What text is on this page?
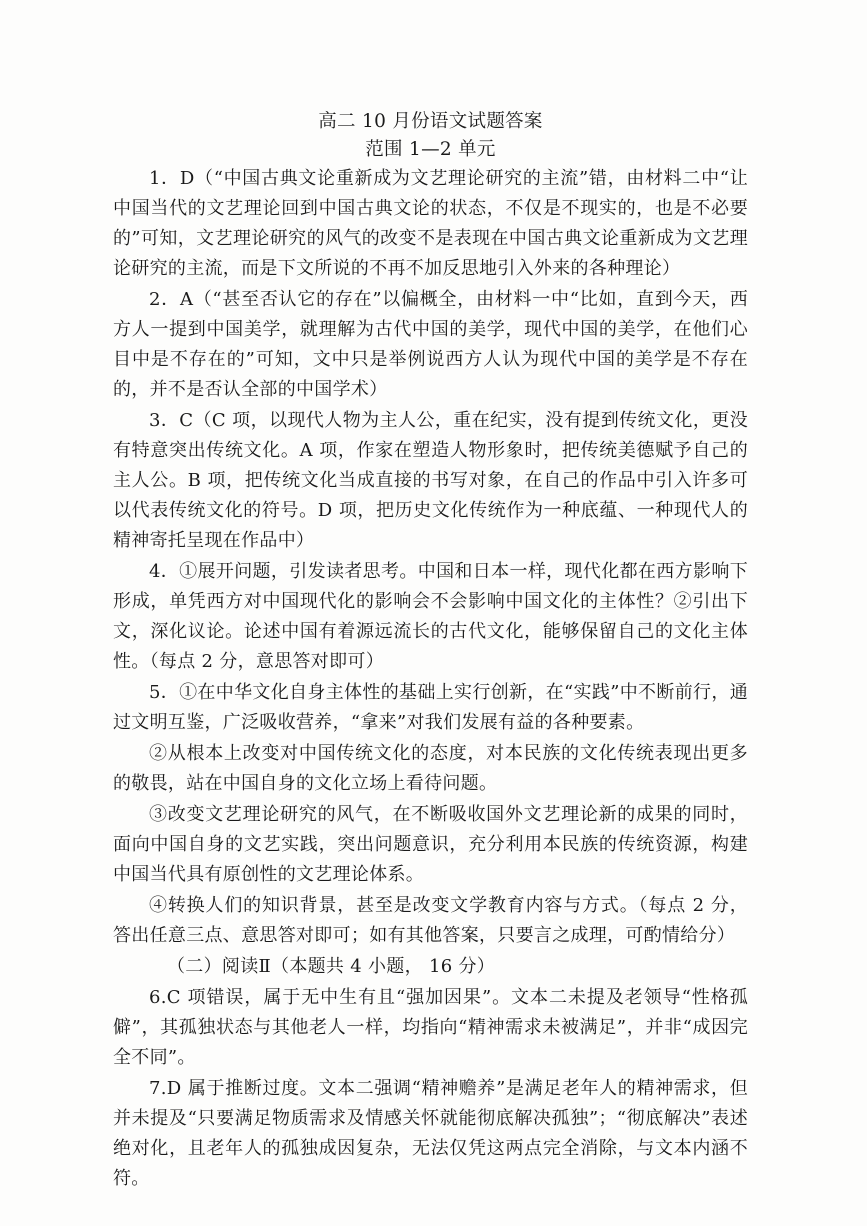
高二 10 月份语文试题答案

范围 1—2 单元

1．D（“中国古典文论重新成为文艺理论研究的主流”错，由材料二中“让中国当代的文艺理论回到中国古典文论的状态，不仅是不现实的，也是不必要的”可知，文艺理论研究的风气的改变不是表现在中国古典文论重新成为文艺理论研究的主流，而是下文所说的不再不加反思地引入外来的各种理论）

2．A（“甚至否认它的存在”以偏概全，由材料一中“比如，直到今天，西方人一提到中国美学，就理解为古代中国的美学，现代中国的美学，在他们心目中是不存在的”可知，文中只是举例说西方人认为现代中国的美学是不存在的，并不是否认全部的中国学术）

3．C（C 项，以现代人物为主人公，重在纪实，没有提到传统文化，更没有特意突出传统文化。A 项，作家在塑造人物形象时，把传统美德赋予自己的主人公。B 项，把传统文化当成直接的书写对象，在自己的作品中引入许多可以代表传统文化的符号。D 项，把历史文化传统作为一种底蕴、一种现代人的精神寄托呈现在作品中）

4．①展开问题，引发读者思考。中国和日本一样，现代化都在西方影响下形成，单凭西方对中国现代化的影响会不会影响中国文化的主体性？②引出下文，深化议论。论述中国有着源远流长的古代文化，能够保留自己的文化主体性。（每点 2 分，意思答对即可）

5．①在中华文化自身主体性的基础上实行创新，在“实践”中不断前行，通过文明互鉴，广泛吸收营养，“拿来”对我们发展有益的各种要素。

②从根本上改变对中国传统文化的态度，对本民族的文化传统表现出更多的敬畏，站在中国自身的文化立场上看待问题。

③改变文艺理论研究的风气，在不断吸收国外文艺理论新的成果的同时，面向中国自身的文艺实践，突出问题意识，充分利用本民族的传统资源，构建中国当代具有原创性的文艺理论体系。

④转换人们的知识背景，甚至是改变文学教育内容与方式。（每点 2 分，答出任意三点、意思答对即可；如有其他答案，只要言之成理，可酌情给分）

（二）阅读Ⅱ（本题共 4 小题， 16 分）

6.C 项错误，属于无中生有且“强加因果”。文本二未提及老领导“性格孤僻”，其孤独状态与其他老人一样，均指向“精神需求未被满足”，并非“成因完全不同”。

7.D 属于推断过度。文本二强调“精神赡养”是满足老年人的精神需求，但并未提及“只要满足物质需求及情感关怀就能彻底解决孤独”；“彻底解决”表述绝对化，且老年人的孤独成因复杂，无法仅凭这两点完全消除，与文本内涵不符。
